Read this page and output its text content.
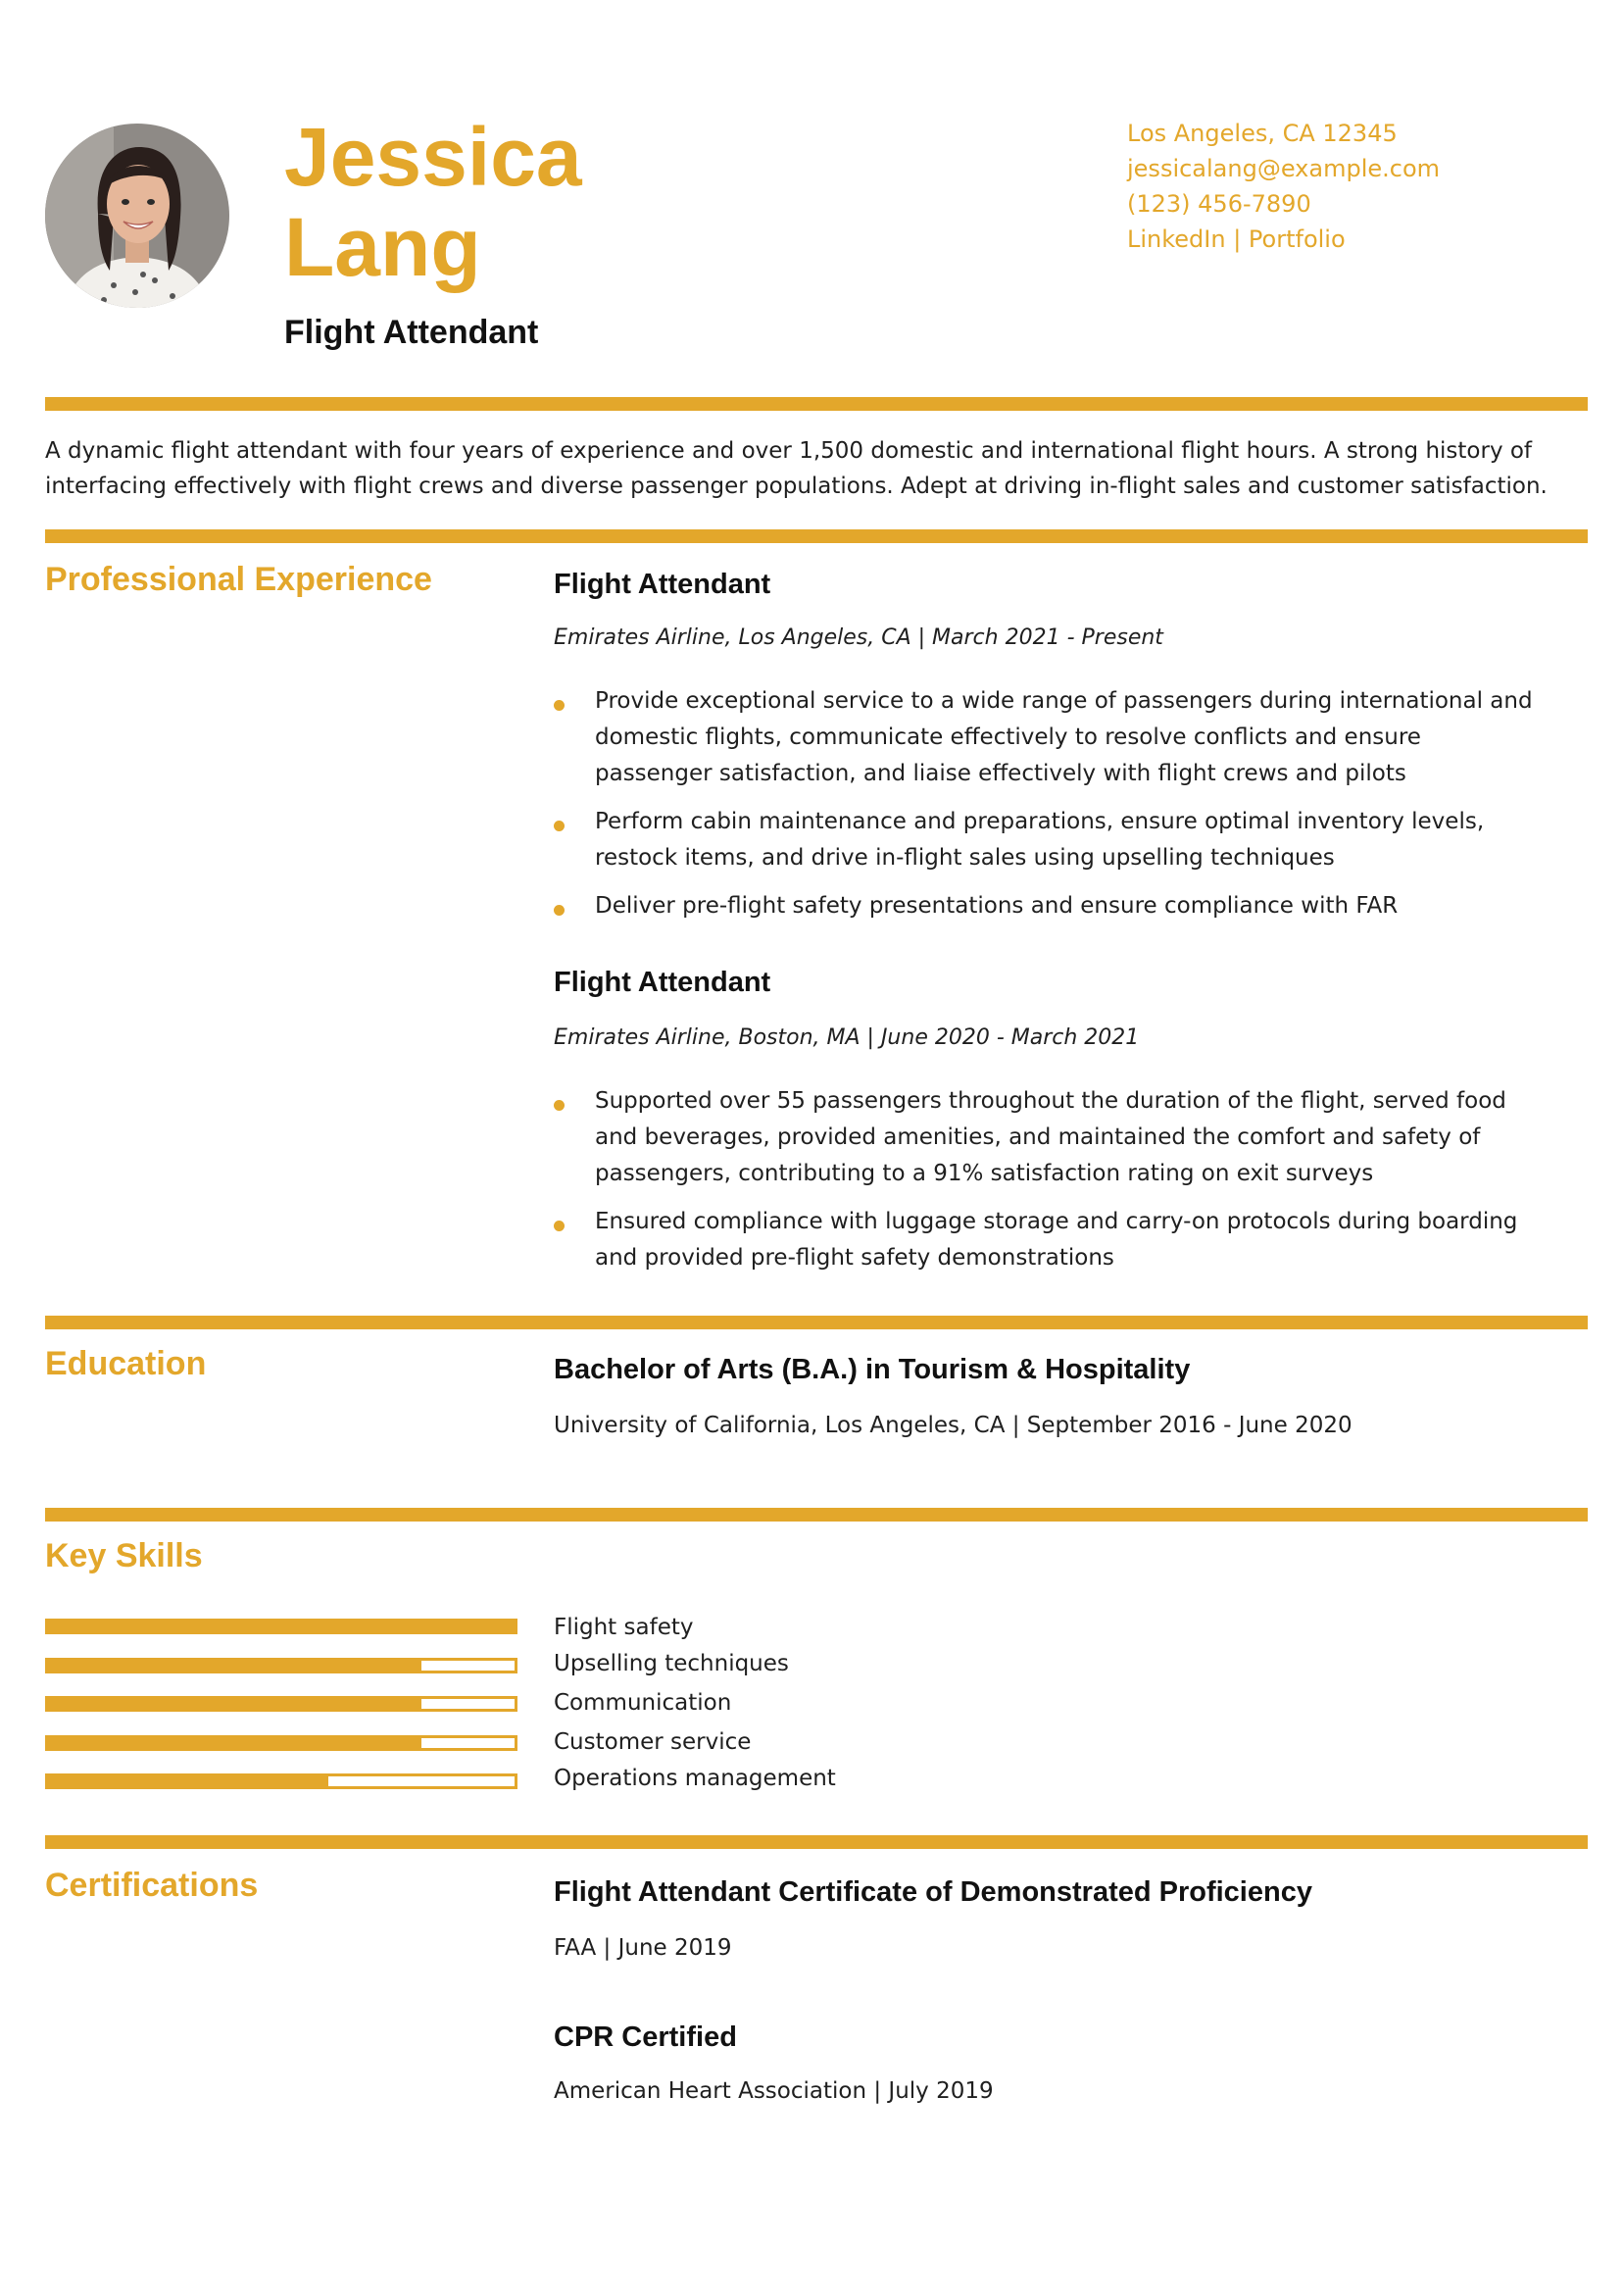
Jessica
Lang
Flight Attendant
Los Angeles, CA 12345
jessicalang@example.com
(123) 456-7890
LinkedIn | Portfolio

A dynamic flight attendant with four years of experience and over 1,500 domestic and international flight hours. A strong history of interfacing effectively with flight crews and diverse passenger populations. Adept at driving in-flight sales and customer satisfaction.

Professional Experience	Flight Attendant
Emirates Airline, Los Angeles, CA | March 2021 - Present
Provide exceptional service to a wide range of passengers during international and domestic flights, communicate effectively to resolve conflicts and ensure passenger satisfaction, and liaise effectively with flight crews and pilots
Perform cabin maintenance and preparations, ensure optimal inventory levels, restock items, and drive in-flight sales using upselling techniques
Deliver pre-flight safety presentations and ensure compliance with FAR
Flight Attendant
Emirates Airline, Boston, MA | June 2020 - March 2021
Supported over 55 passengers throughout the duration of the flight, served food and beverages, provided amenities, and maintained the comfort and safety of passengers, contributing to a 91% satisfaction rating on exit surveys
Ensured compliance with luggage storage and carry-on protocols during boarding and provided pre-flight safety demonstrations
Education	Bachelor of Arts (B.A.) in Tourism & Hospitality
University of California, Los Angeles, CA | September 2016 - June 2020
Key Skills
Flight safety
Upselling techniques
Communication
Customer service
Operations management
Certifications	Flight Attendant Certificate of Demonstrated Proficiency
FAA | June 2019
CPR Certified
American Heart Association | July 2019
